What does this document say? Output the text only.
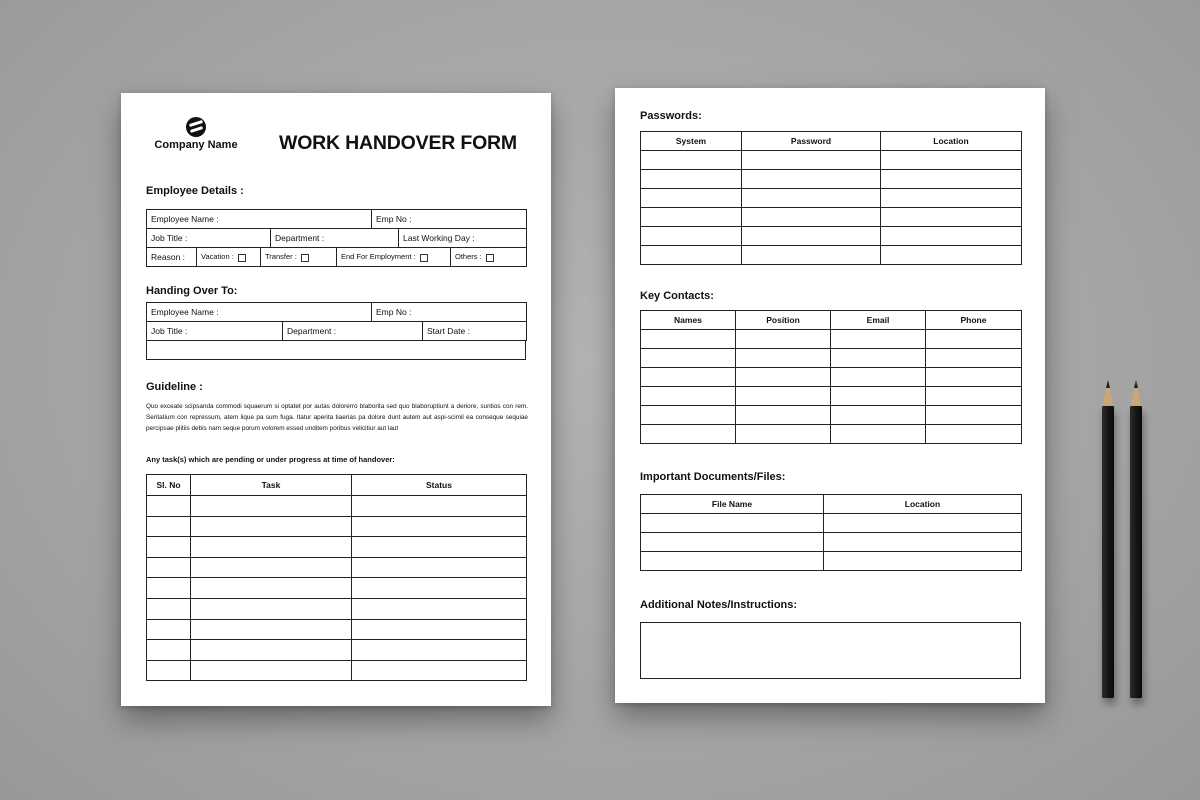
Company Name WORK HANDOVER FORM
Employee Details :
Employee Name :	Emp No :
Job Title :	Department :	Last Working Day :
Reason :	Vacation :	Transfer :	End For Employment :	Others :
Handing Over To:
Employee Name :	Emp No :
Job Title :	Department :	Start Date :
Guideline :

Quo exceate scipsanda commodi squaerum si optatet por autas dolorerro blaborita sed quo blaboruptiunt a deriore, suntios con rem. Seritatium con repressum, atem lique pa sum fuga. Itatur aperita tiaerias pa dolore dunt autem aut aspi-scimil ea conseque sequiae percipsae plitiis debis nam seque porum volorem essed unditem poribus velicitiur aut laut

Any task(s) which are pending or under progress at time of handover:
Sl. No	Task	Status

Passwords:
System	Password	Location

Key Contacts:
Names	Position	Email	Phone

Important Documents/Files:
File Name	Location

Additional Notes/Instructions:
